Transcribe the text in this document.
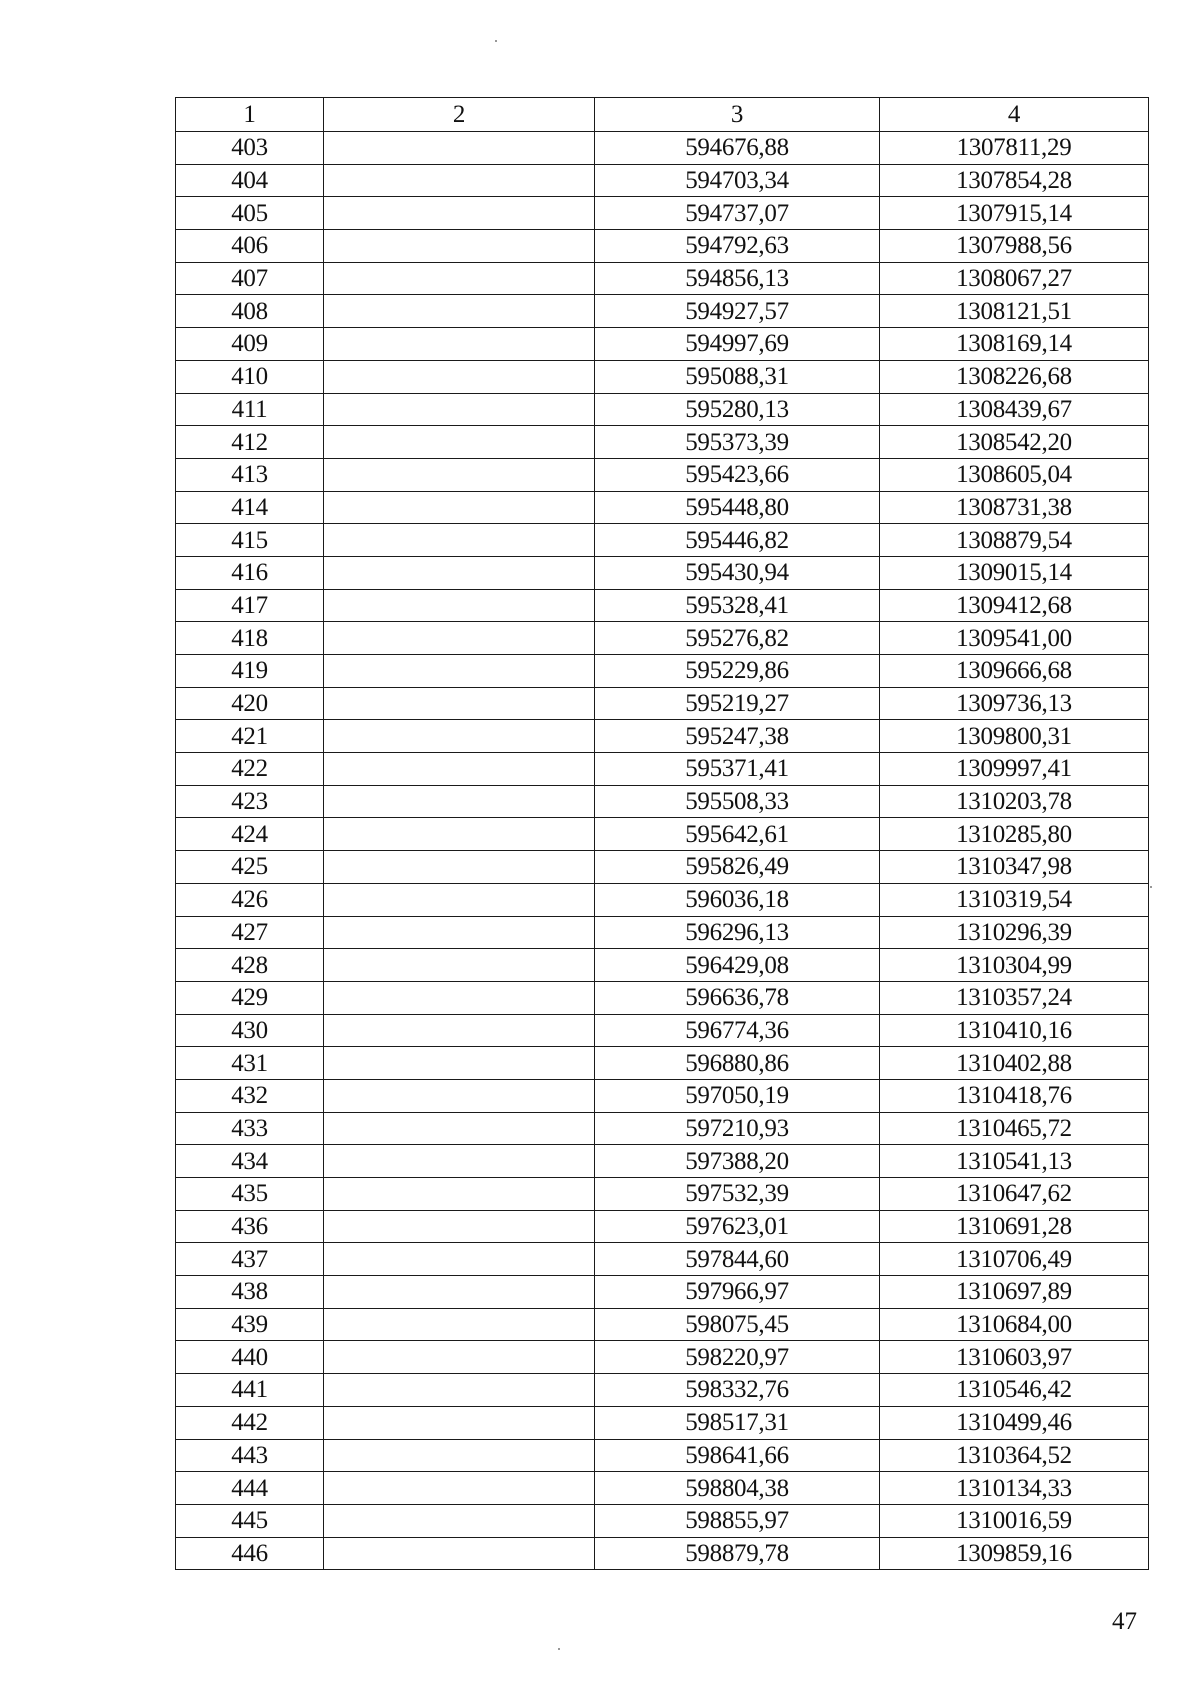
1	2	3	4
403		594676,88	1307811,29
404		594703,34	1307854,28
405		594737,07	1307915,14
406		594792,63	1307988,56
407		594856,13	1308067,27
408		594927,57	1308121,51
409		594997,69	1308169,14
410		595088,31	1308226,68
411		595280,13	1308439,67
412		595373,39	1308542,20
413		595423,66	1308605,04
414		595448,80	1308731,38
415		595446,82	1308879,54
416		595430,94	1309015,14
417		595328,41	1309412,68
418		595276,82	1309541,00
419		595229,86	1309666,68
420		595219,27	1309736,13
421		595247,38	1309800,31
422		595371,41	1309997,41
423		595508,33	1310203,78
424		595642,61	1310285,80
425		595826,49	1310347,98
426		596036,18	1310319,54
427		596296,13	1310296,39
428		596429,08	1310304,99
429		596636,78	1310357,24
430		596774,36	1310410,16
431		596880,86	1310402,88
432		597050,19	1310418,76
433		597210,93	1310465,72
434		597388,20	1310541,13
435		597532,39	1310647,62
436		597623,01	1310691,28
437		597844,60	1310706,49
438		597966,97	1310697,89
439		598075,45	1310684,00
440		598220,97	1310603,97
441		598332,76	1310546,42
442		598517,31	1310499,46
443		598641,66	1310364,52
444		598804,38	1310134,33
445		598855,97	1310016,59
446		598879,78	1309859,16
47
